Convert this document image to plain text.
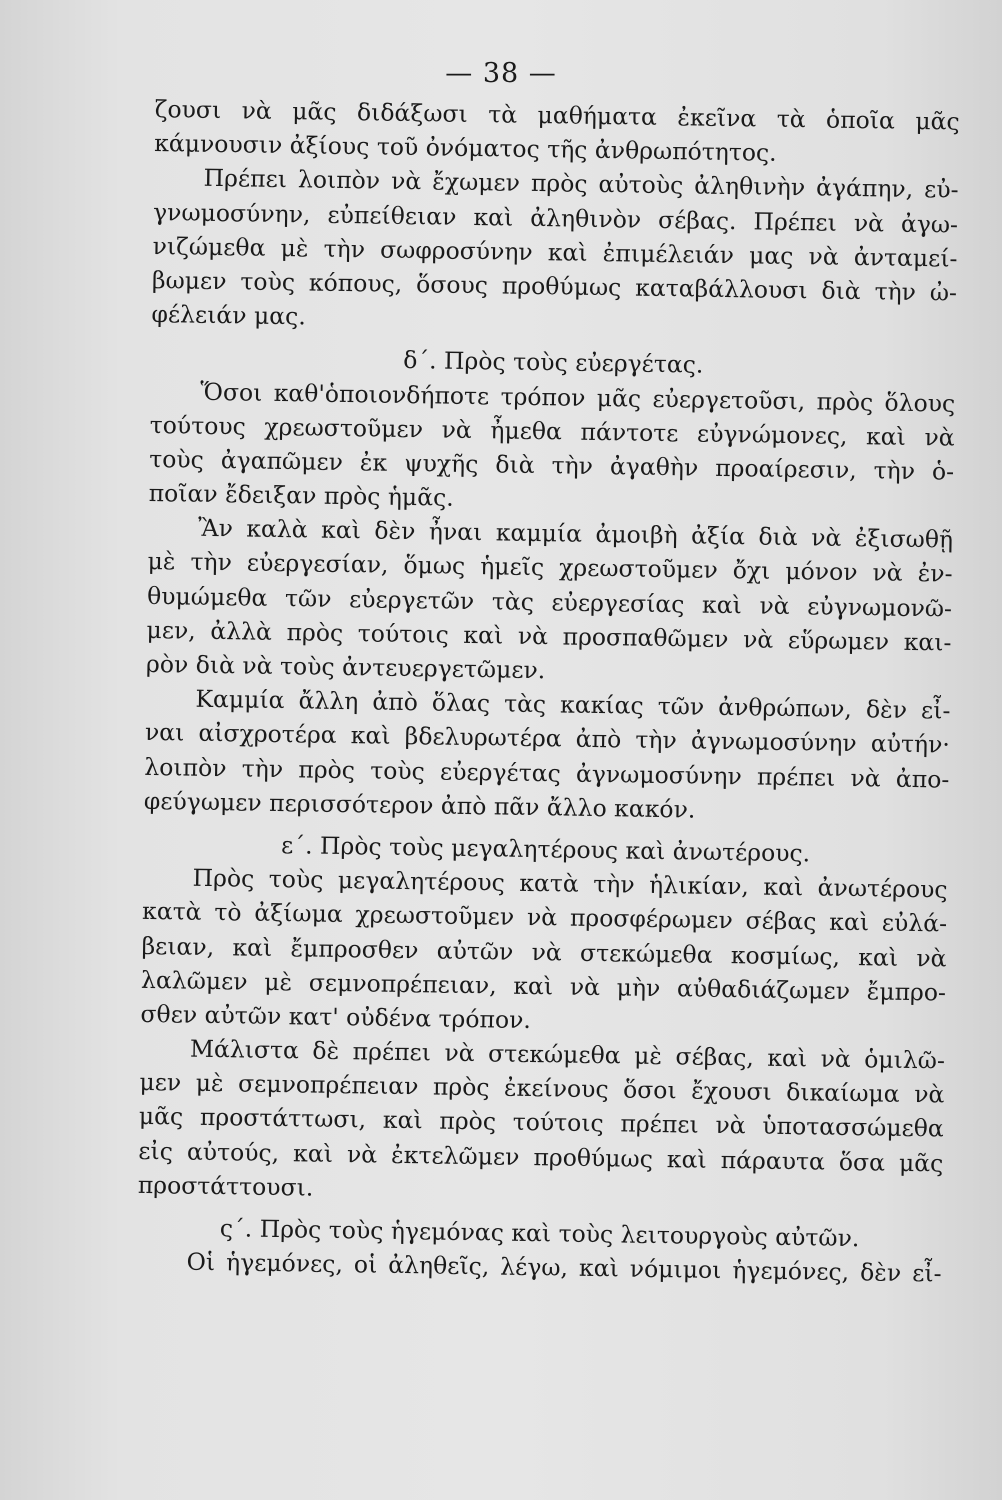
— 38 —
ζουσι νὰ μᾶς διδάξωσι τὰ μαθήματα ἐκεῖνα τὰ ὁποῖα μᾶς
κάμνουσιν ἀξίους τοῦ ὀνόματος τῆς ἀνθρωπότητος.
Πρέπει λοιπὸν νὰ ἔχωμεν πρὸς αὐτοὺς ἀληθινὴν ἀγάπην, εὐ-
γνωμοσύνην, εὐπείθειαν καὶ ἀληθινὸν σέβας. Πρέπει νὰ ἀγω-
νιζώμεθα μὲ τὴν σωφροσύνην καὶ ἐπιμέλειάν μας νὰ ἀνταμεί-
βωμεν τοὺς κόπους, ὅσους προθύμως καταβάλλουσι διὰ τὴν ὠ-
φέλειάν μας.
δ΄. Πρὸς τοὺς εὐεργέτας.
Ὅσοι καθ'ὁποιονδήποτε τρόπον μᾶς εὐεργετοῦσι, πρὸς ὅλους
τούτους χρεωστοῦμεν νὰ ἦμεθα πάντοτε εὐγνώμονες, καὶ νὰ
τοὺς ἀγαπῶμεν ἐκ ψυχῆς διὰ τὴν ἀγαθὴν προαίρεσιν, τὴν ὁ-
ποῖαν ἔδειξαν πρὸς ἡμᾶς.
Ἂν καλὰ καὶ δὲν ἦναι καμμία ἀμοιβὴ ἀξία διὰ νὰ ἐξισωθῇ
μὲ τὴν εὐεργεσίαν, ὅμως ἡμεῖς χρεωστοῦμεν ὄχι μόνον νὰ ἐν-
θυμώμεθα τῶν εὐεργετῶν τὰς εὐεργεσίας καὶ νὰ εὐγνωμονῶ-
μεν, ἀλλὰ πρὸς τούτοις καὶ νὰ προσπαθῶμεν νὰ εὕρωμεν και-
ρὸν διὰ νὰ τοὺς ἀντευεργετῶμεν.
Καμμία ἄλλη ἀπὸ ὅλας τὰς κακίας τῶν ἀνθρώπων, δὲν εἶ-
ναι αἰσχροτέρα καὶ βδελυρωτέρα ἀπὸ τὴν ἀγνωμοσύνην αὐτήν·
λοιπὸν τὴν πρὸς τοὺς εὐεργέτας ἀγνωμοσύνην πρέπει νὰ ἀπο-
φεύγωμεν περισσότερον ἀπὸ πᾶν ἄλλο κακόν.
ε΄. Πρὸς τοὺς μεγαλητέρους καὶ ἀνωτέρους.
Πρὸς τοὺς μεγαλητέρους κατὰ τὴν ἡλικίαν, καὶ ἀνωτέρους
κατὰ τὸ ἀξίωμα χρεωστοῦμεν νὰ προσφέρωμεν σέβας καὶ εὐλά-
βειαν, καὶ ἔμπροσθεν αὐτῶν νὰ στεκώμεθα κοσμίως, καὶ νὰ
λαλῶμεν μὲ σεμνοπρέπειαν, καὶ νὰ μὴν αὐθαδιάζωμεν ἔμπρο-
σθεν αὐτῶν κατ' οὐδένα τρόπον.
Μάλιστα δὲ πρέπει νὰ στεκώμεθα μὲ σέβας, καὶ νὰ ὁμιλῶ-
μεν μὲ σεμνοπρέπειαν πρὸς ἐκείνους ὅσοι ἔχουσι δικαίωμα νὰ
μᾶς προστάττωσι, καὶ πρὸς τούτοις πρέπει νὰ ὑποτασσώμεθα
εἰς αὐτούς, καὶ νὰ ἐκτελῶμεν προθύμως καὶ πάραυτα ὅσα μᾶς
προστάττουσι.
ς΄. Πρὸς τοὺς ἡγεμόνας καὶ τοὺς λειτουργοὺς αὐτῶν.
Οἱ ἡγεμόνες, οἱ ἀληθεῖς, λέγω, καὶ νόμιμοι ἡγεμόνες, δὲν εἶ-
